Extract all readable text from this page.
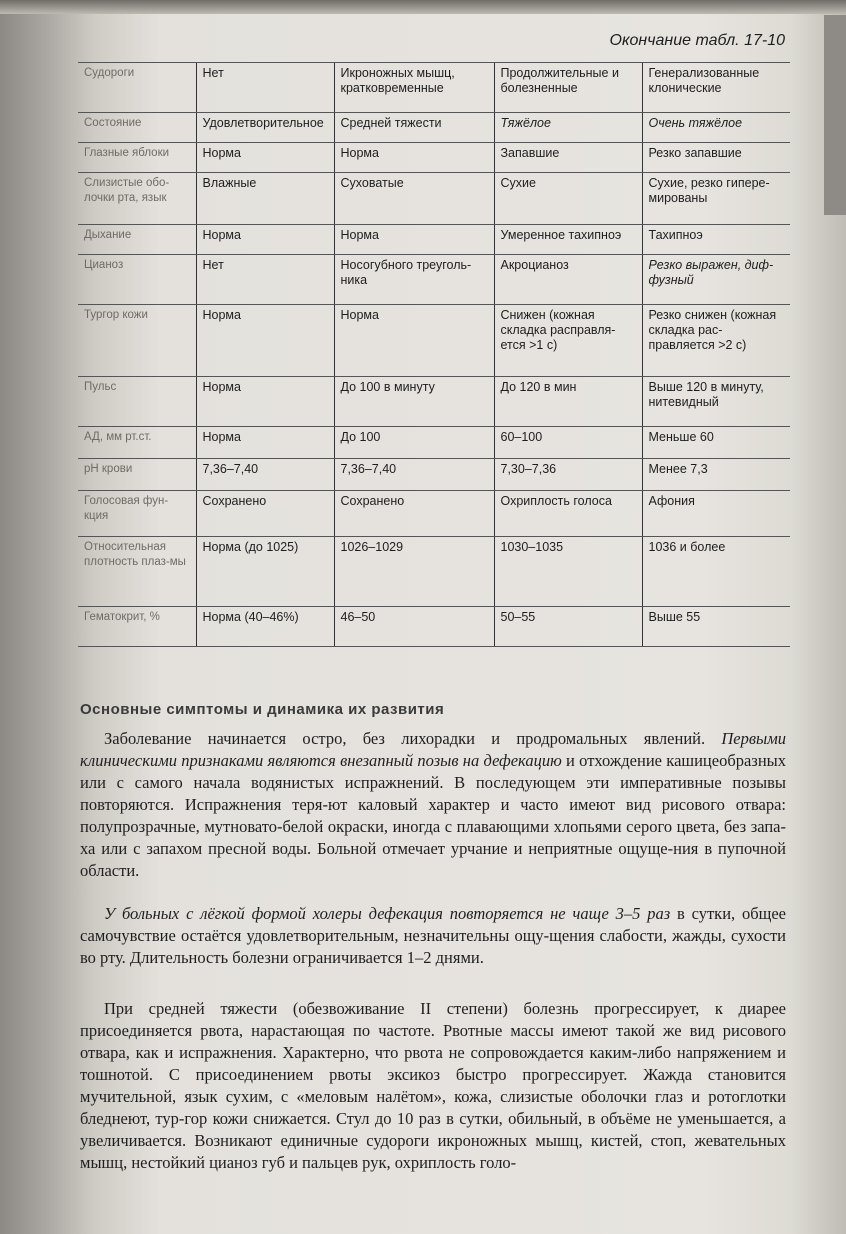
Окончание табл. 17-10
Судороги	Нет	Икроножных мышц, кратковременные	Продолжительные и болезненные	Генерализованные клонические
Состояние	Удовлетворительное	Средней тяжести	Тяжёлое	Очень тяжёлое
Глазные яблоки	Норма	Норма	Запавшие	Резко запавшие
Слизистые обо-лочки рта, язык	Влажные	Суховатые	Сухие	Сухие, резко гипере-мированы
Дыхание	Норма	Норма	Умеренное тахипноэ	Тахипноэ
Цианоз	Нет	Носогубного треуголь-ника	Акроцианоз	Резко выражен, диф-фузный
Тургор кожи	Норма	Норма	Снижен (кожная складка расправля-ется >1 с)	Резко снижен (кожная складка рас-правляется >2 с)
Пульс	Норма	До 100 в минуту	До 120 в мин	Выше 120 в минуту, нитевидный
АД, мм рт.ст.	Норма	До 100	60–100	Меньше 60
pH крови	7,36–7,40	7,36–7,40	7,30–7,36	Менее 7,3
Голосовая фун-кция	Сохранено	Сохранено	Охриплость голоса	Афония
Относительная плотность плаз-мы	Норма (до 1025)	1026–1029	1030–1035	1036 и более
Гематокрит, %	Норма (40–46%)	46–50	50–55	Выше 55
Основные симптомы и динамика их развития

Заболевание начинается остро, без лихорадки и продромальных явлений. Первыми клиническими признаками являются внезапный позыв на дефекацию и отхождение кашицеобразных или с самого начала водянистых испражнений. В последующем эти императивные позывы повторяются. Испражнения теря-ют каловый характер и часто имеют вид рисового отвара: полупрозрачные, мутновато-белой окраски, иногда с плавающими хлопьями серого цвета, без запа-ха или с запахом пресной воды. Больной отмечает урчание и неприятные ощуще-ния в пупочной области.

У больных с лёгкой формой холеры дефекация повторяется не чаще 3–5 раз в сутки, общее самочувствие остаётся удовлетворительным, незначительны ощу-щения слабости, жажды, сухости во рту. Длительность болезни ограничивается 1–2 днями.

При средней тяжести (обезвоживание II степени) болезнь прогрессирует, к диарее присоединяется рвота, нарастающая по частоте. Рвотные массы имеют такой же вид рисового отвара, как и испражнения. Характерно, что рвота не сопровождается каким-либо напряжением и тошнотой. С присоединением рвоты эксикоз быстро прогрессирует. Жажда становится мучительной, язык сухим, с «меловым налётом», кожа, слизистые оболочки глаз и ротоглотки бледнеют, тур-гор кожи снижается. Стул до 10 раз в сутки, обильный, в объёме не уменьшается, а увеличивается. Возникают единичные судороги икроножных мышц, кистей, стоп, жевательных мышц, нестойкий цианоз губ и пальцев рук, охриплость голо-
